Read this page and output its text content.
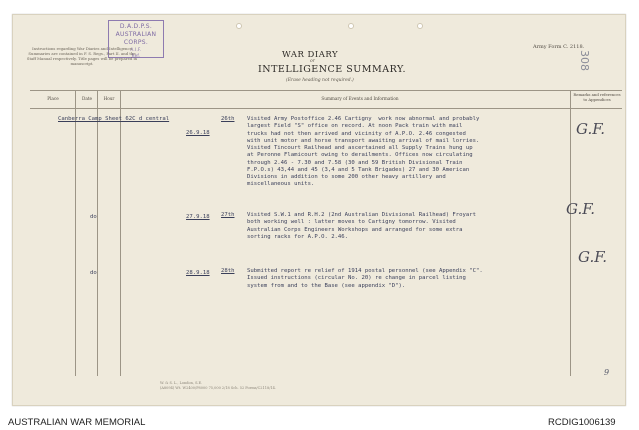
D.A.D.P.S.
AUSTRALIAN
CORPS.
A.I.F.
Ref.
Instructions regarding War Diaries and Intelligence Summaries are contained in F. S. Regs., Part II. and the Staff Manual respectively. Title pages will be prepared in manuscript.
WAR DIARY
or
INTELLIGENCE SUMMARY.
(Erase heading not required.)
Army Form C. 2118.
308
Place	Date	Hour	Summary of Events and Information
Remarks and references to Appendices
Canberra Camp Sheet 62C d central
26.9.18
26th Visited Army Postoffice 2.46 Cartigny  work now abnormal and probably
largest Field "S" office on record. At noon Pack train with mail
trucks had not then arrived and vicinity of A.P.O. 2.46 congested
with unit motor and horse transport awaiting arrival of mail lorries.
Visited Tincourt Railhead and ascertained all Supply Trains hung up
at Peronne Flamicourt owing to derailments. Offices now circulating
through 2.46 - 7.30 and 7.58 (30 and 59 British Divisional Train
F.P.O.s) 43,44 and 45 (3,4 and 5 Tank Brigades) 27 and 30 American
Divisions in addition to some 200 other heavy artillery and
miscellaneous units.
G.F.
do	27.9.18 27th Visited S.W.1 and R.H.2 (2nd Australian Divisional Railhead) Froyart
both working well : latter moves to Cartigny tomorrow. Visited
Australian Corps Engineers Workshops and arranged for some extra
sorting racks for A.P.O. 2.46.
G.F.
do	28.9.18 28th Submitted report re relief of 1914 postal personnel (see Appendix "C".
Issued instructions (circular No. 20) re change in parcel listing
system from and to the Base (see appendix "D").
G.F.
W. & S. L., London, S.E.
(A8094) Wt. W2400/P8000 75,000 2/18 Sch. 52 Forms/C2118/14.
9
AUSTRALIAN WAR MEMORIAL	RCDIG1006139
